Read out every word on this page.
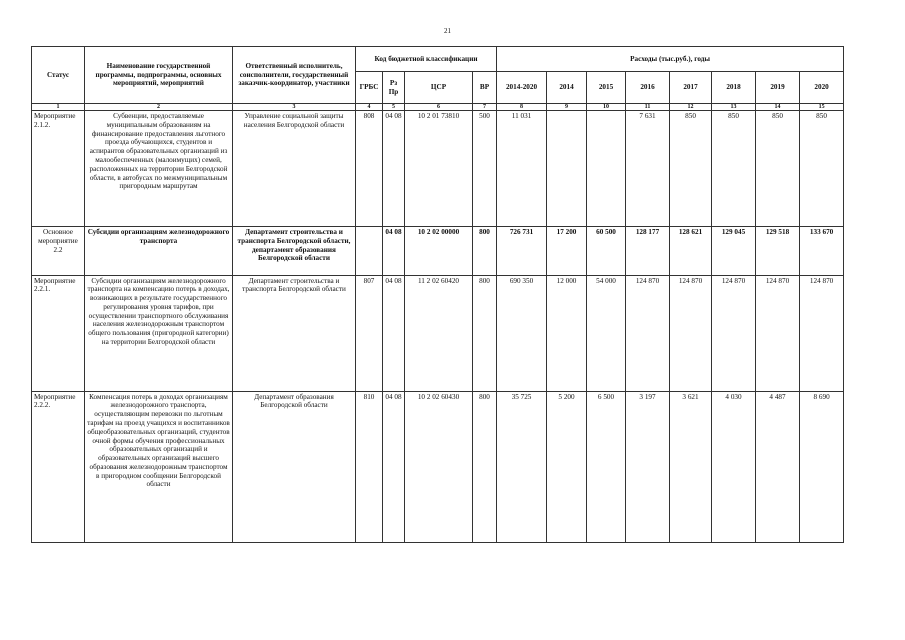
21
Статус	Наименование государственной программы, подпрограммы, основных мероприятий, мероприятий	Ответственный исполнитель, соисполнители, государственный заказчик-координатор, участники	Код бюджетной классификации				Расходы (тыс.руб.), годы							
			ГРБС	Рз Пр	ЦСР	ВР	2014-2020	2014	2015	2016	2017	2018	2019	2020
1	2	3	4	5	6	7	8	9	10	11	12	13	14	15
Мероприятие 2.1.2.	Субвенции, предоставляемые муниципальным образованиям на финансирование предоставления льготного проезда обучающихся, студентов и аспирантов образовательных организаций из малообеспеченных (малоимущих) семей, расположенных на территории Белгородской области, в автобусах по межмуниципальным пригородным маршрутам	Управление социальной защиты населения Белгородской области	808	04 08	10 2 01 73810	500	11 031			7 631	850	850	850	850
Основное мероприятие 2.2	Субсидии организациям железнодорожного транспорта	Департамент строительства и транспорта Белгородской области, департамент образования Белгородской области		04 08	10 2 02 00000	800	726 731	17 200	60 500	128 177	128 621	129 045	129 518	133 670
Мероприятие 2.2.1.	Субсидии организациям железнодорожного транспорта на компенсацию потерь в доходах, возникающих в результате государственного регулирования уровня тарифов, при осуществлении транспортного обслуживания населения железнодорожным транспортом общего пользования (пригородной категории) на территории Белгородской области	Департамент строительства и транспорта Белгородской области	807	04 08	11 2 02 60420	800	690 350	12 000	54 000	124 870	124 870	124 870	124 870	124 870
Мероприятие 2.2.2.	Компенсация потерь в доходах организациям железнодорожного транспорта, осуществляющим перевозки по льготным тарифам на проезд учащихся и воспитанников общеобразовательных организаций, студентов очной формы обучения профессиональных образовательных организаций и образовательных организаций высшего образования железнодорожным транспортом в пригородном сообщении Белгородской области	Департамент образования Белгородской области	810	04 08	10 2 02 60430	800	35 725	5 200	6 500	3 197	3 621	4 030	4 487	8 690
